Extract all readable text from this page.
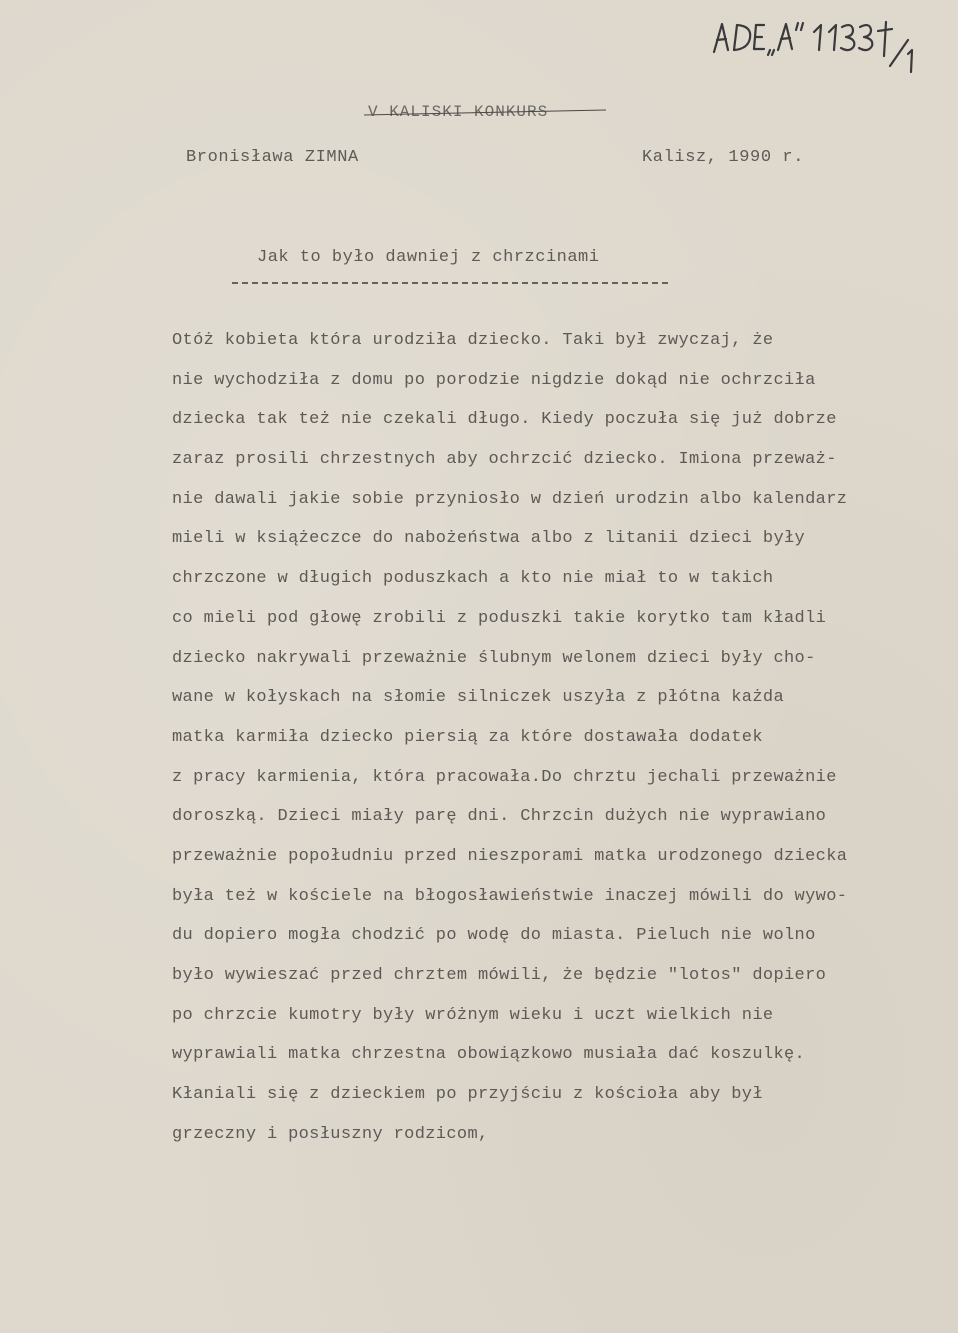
V KALISKI KONKURS
Bronisława ZIMNA	Kalisz, 1990 r.
Jak to było dawniej z chrzcinami
Otóż kobieta która urodziła dziecko. Taki był zwyczaj, że
nie wychodziła z domu po porodzie nigdzie dokąd nie ochrzciła
dziecka tak też nie czekali długo. Kiedy poczuła się już dobrze
zaraz prosili chrzestnych aby ochrzcić dziecko. Imiona przeważ-
nie dawali jakie sobie przyniosło w dzień urodzin albo kalendarz
mieli w książeczce do nabożeństwa albo z litanii dzieci były
chrzczone w długich poduszkach a kto nie miał to w takich
co mieli pod głowę zrobili z poduszki takie korytko tam kładli
dziecko nakrywali przeważnie ślubnym welonem dzieci były cho-
wane w kołyskach na słomie silniczek uszyła z płótna każda
matka karmiła dziecko piersią za które dostawała dodatek
z pracy karmienia, która pracowała.Do chrztu jechali przeważnie
doroszką. Dzieci miały parę dni. Chrzcin dużych nie wyprawiano
przeważnie popołudniu przed nieszporami matka urodzonego dziecka
była też w kościele na błogosławieństwie inaczej mówili do wywo-
du dopiero mogła chodzić po wodę do miasta. Pieluch nie wolno
było wywieszać przed chrztem mówili, że będzie "lotos" dopiero
po chrzcie kumotry były wróżnym wieku i uczt wielkich nie
wyprawiali matka chrzestna obowiązkowo musiała dać koszulkę.
Kłaniali się z dzieckiem po przyjściu z kościoła aby był
grzeczny i posłuszny rodzicom,
